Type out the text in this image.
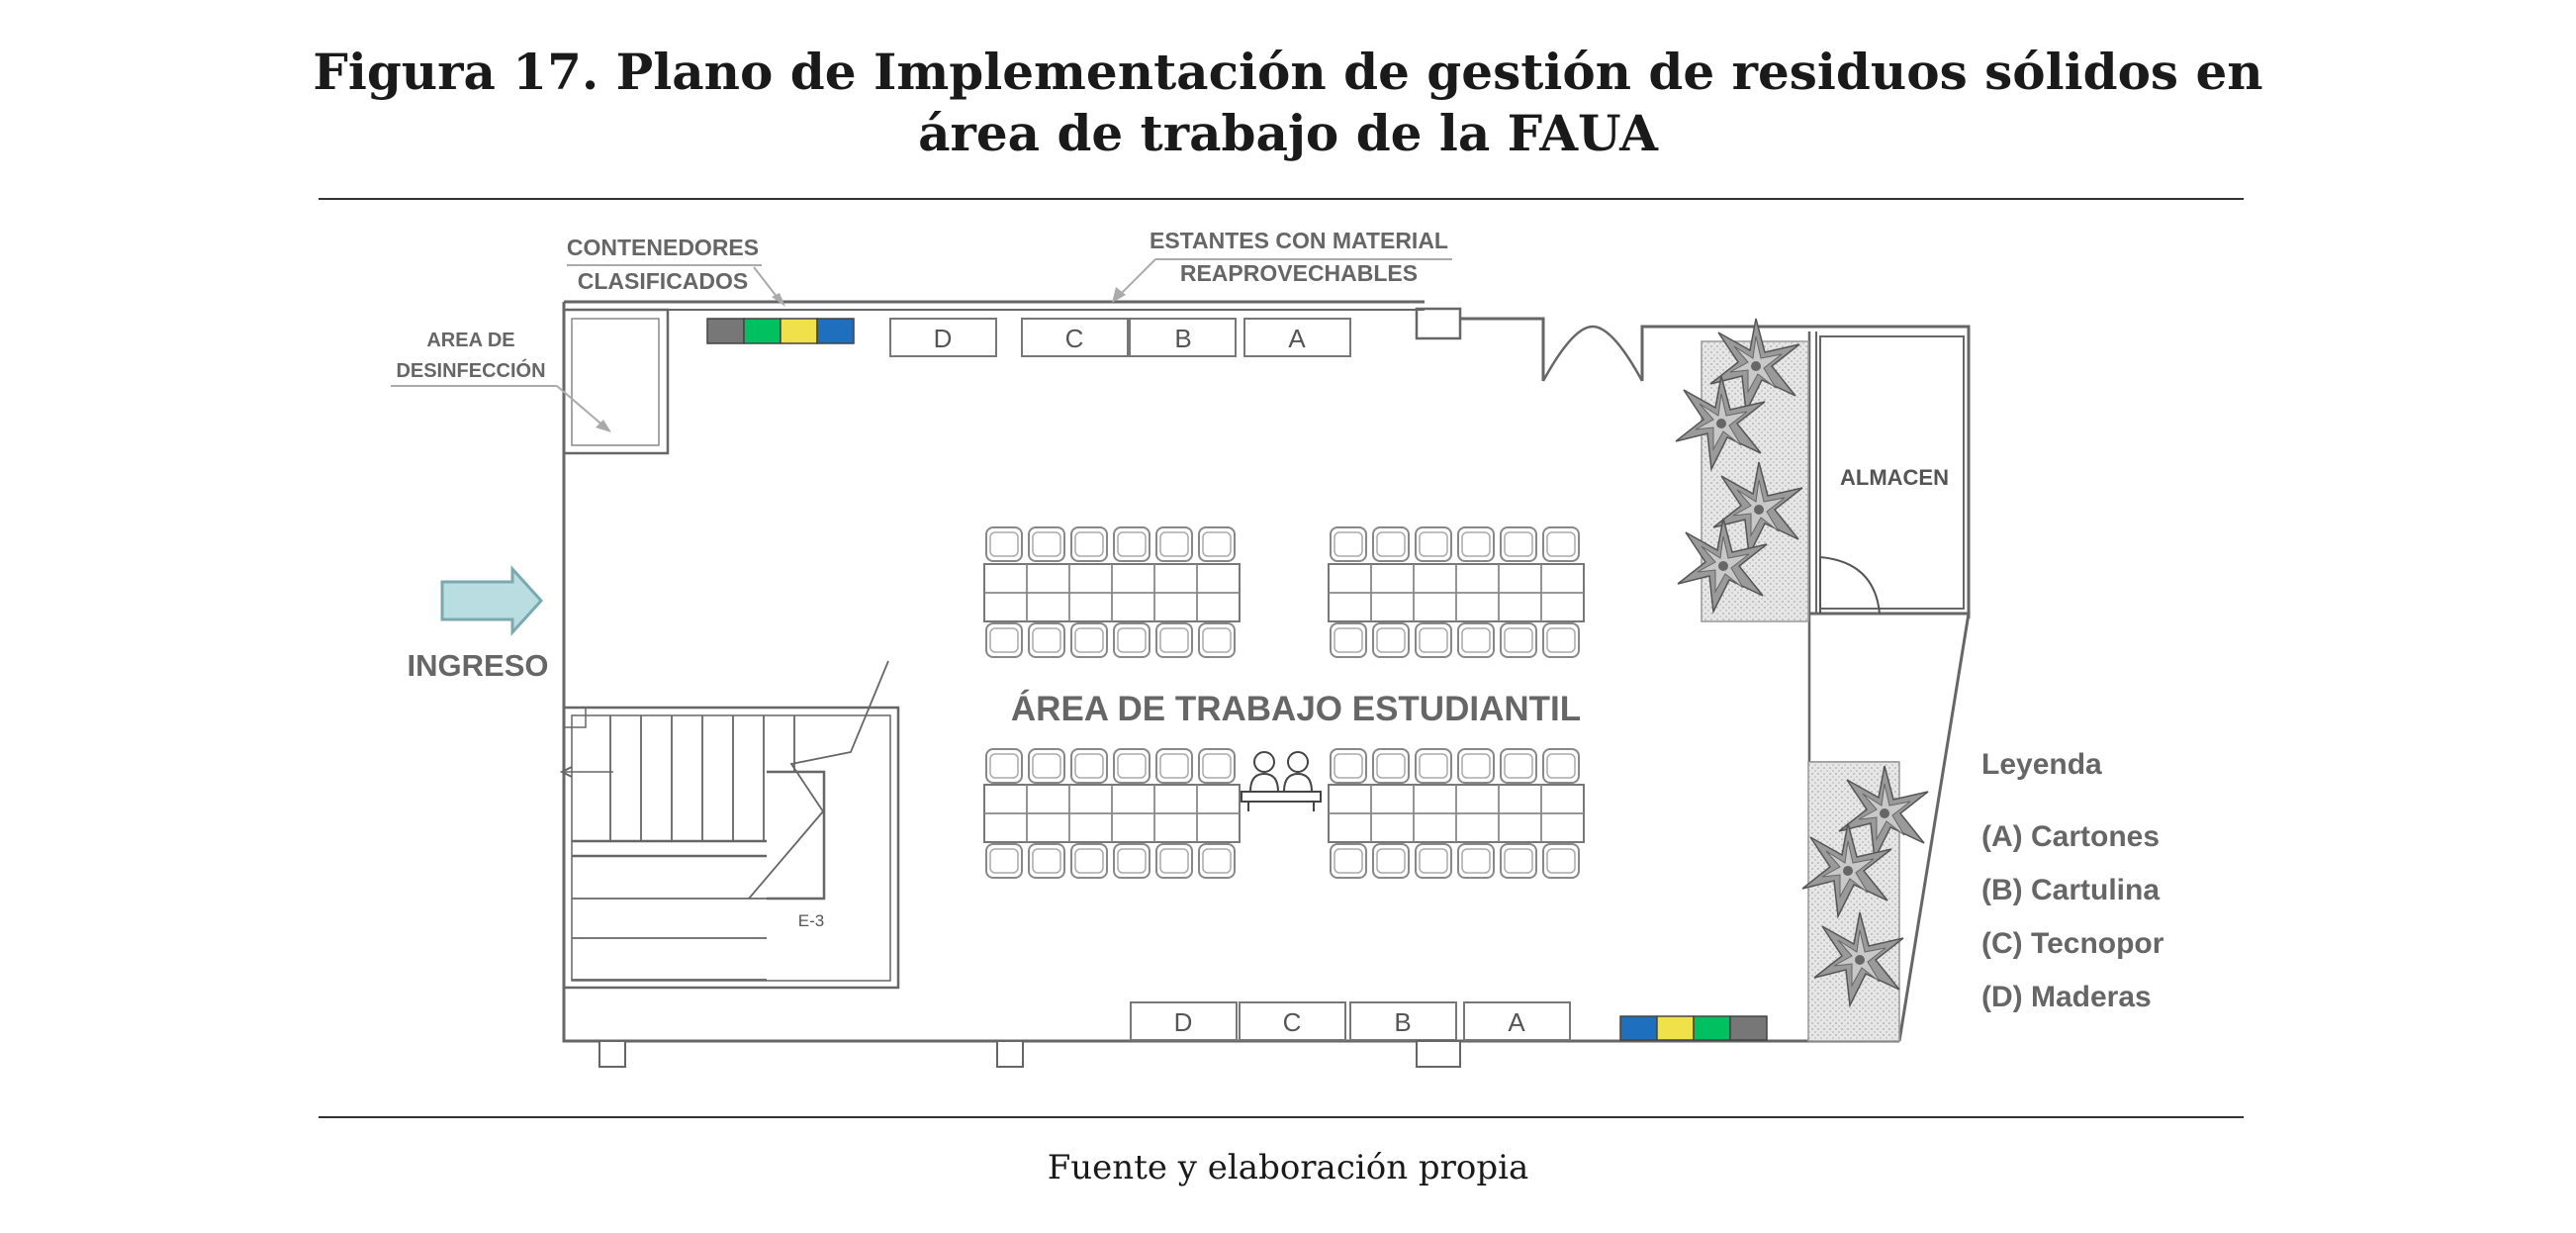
Figura 17. Plano de Implementación de gestión de residuos sólidos en
área de trabajo de la FAUA
ALMACEN
D	C	B	A
D	C	B	A
E-3
ÁREA DE TRABAJO ESTUDIANTIL
INGRESO
CONTENEDORES
CLASIFICADOS
ESTANTES CON MATERIAL
REAPROVECHABLES
AREA DE
DESINFECCIÓN
Leyenda
(A) Cartones
(B) Cartulina
(C) Tecnopor
(D) Maderas
Fuente y elaboración propia
